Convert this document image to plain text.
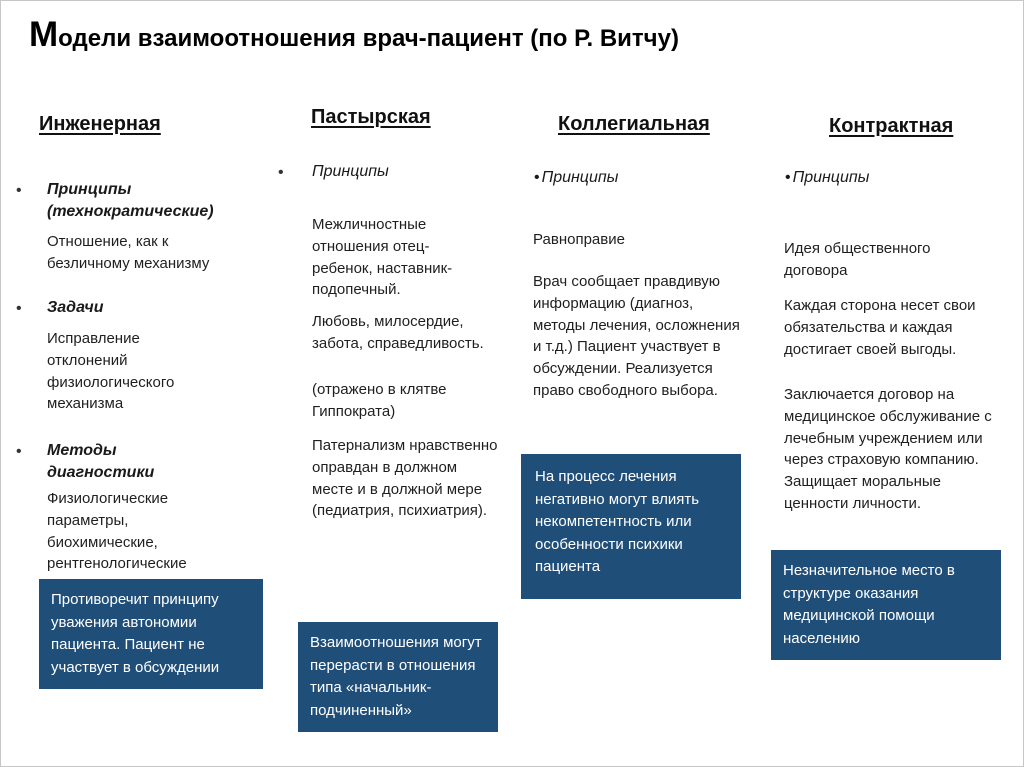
Модели взаимоотношения врач-пациент (по Р. Витчу)
Инженерная
• Принципы (технократические)
Отношение, как к безличному механизму
• Задачи
Исправление отклонений физиологического механизма
• Методы диагностики
Физиологические параметры, биохимические, рентгенологические
Противоречит принципу уважения автономии пациента. Пациент не участвует в обсуждении
Пастырская
• Принципы
Межличностные отношения отец-ребенок, наставник-подопечный.
Любовь, милосердие, забота, справедливость.
(отражено в клятве Гиппократа)
Патернализм нравственно оправдан в должном месте и в должной мере (педиатрия, психиатрия).
Взаимоотношения могут перерасти в отношения типа «начальник-подчиненный»
Коллегиальная
• Принципы
Равноправие
Врач сообщает правдивую информацию (диагноз, методы лечения, осложнения и т.д.) Пациент участвует в обсуждении. Реализуется право свободного выбора.
На процесс лечения негативно могут влиять некомпетентность или особенности психики пациента
Контрактная
• Принципы
Идея общественного договора
Каждая сторона несет свои обязательства и каждая достигает своей выгоды.
Заключается договор на медицинское обслуживание с лечебным учреждением или через страховую компанию. Защищает моральные ценности личности.
Незначительное место в структуре оказания медицинской помощи населению
